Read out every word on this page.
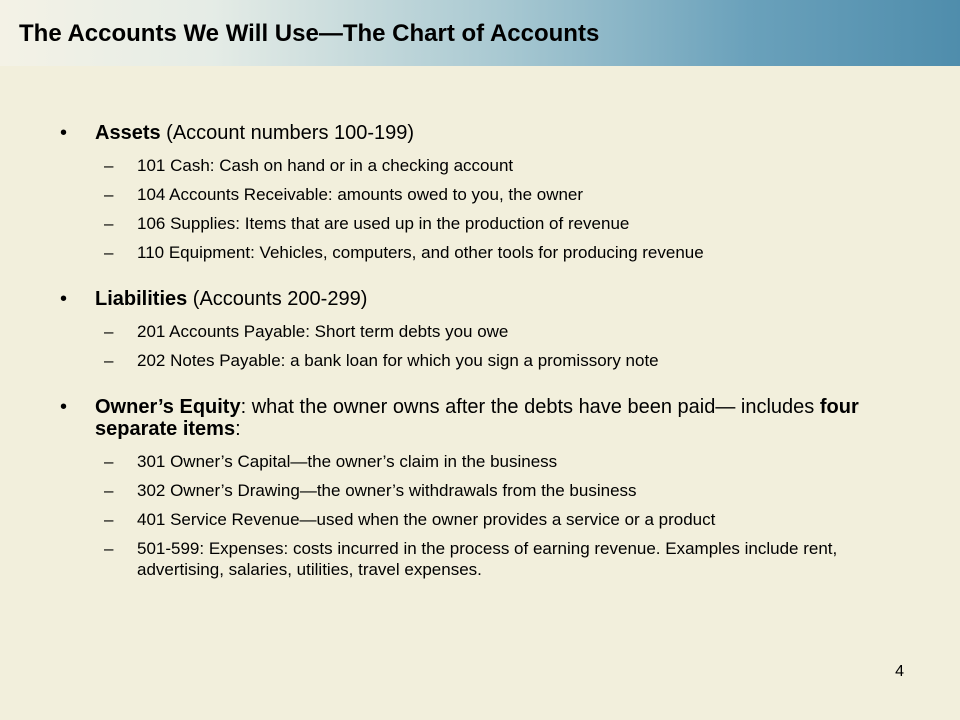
The Accounts We Will Use—The Chart of Accounts
• Assets (Account numbers 100-199)
– 101 Cash: Cash on hand or in a checking account
– 104 Accounts Receivable: amounts owed to you, the owner
– 106 Supplies: Items that are used up in the production of revenue
– 110 Equipment: Vehicles, computers, and other tools for producing revenue
• Liabilities (Accounts 200-299)
– 201 Accounts Payable: Short term debts you owe
– 202 Notes Payable: a bank loan for which you sign a promissory note
• Owner’s Equity: what the owner owns after the debts have been paid— includes four separate items:
– 301 Owner’s Capital—the owner’s claim in the business
– 302 Owner’s Drawing—the owner’s withdrawals from the business
– 401 Service Revenue—used when the owner provides a service or a product
– 501-599: Expenses: costs incurred in the process of earning revenue. Examples include rent, advertising, salaries, utilities, travel expenses.
4
